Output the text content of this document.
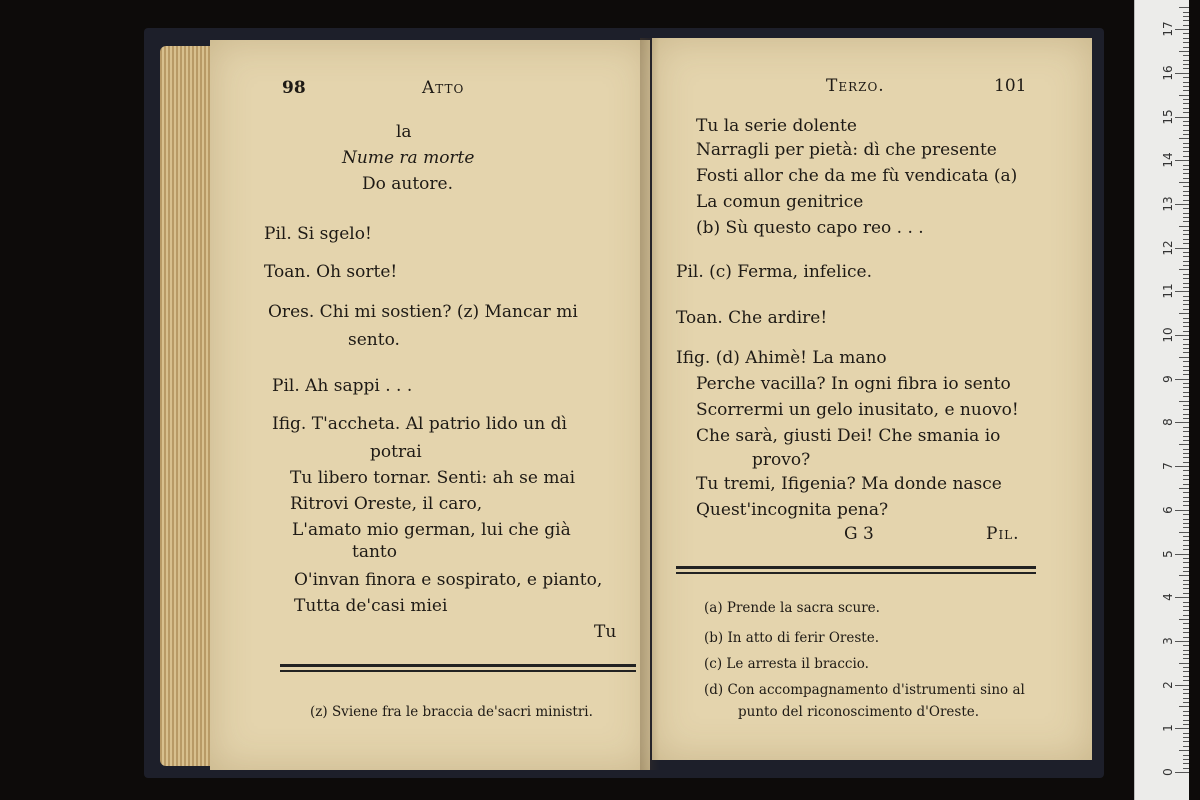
98	Atto
la
Nume ra morte
Do autore.
Pil. Si sgelo!
Toan. Oh sorte!
Ores. Chi mi sostien? (z) Mancar mi
sento.
Pil. Ah sappi . . .
Ifig. T'accheta. Al patrio lido un dì
potrai
Tu libero tornar. Senti: ah se mai
Ritrovi Oreste, il caro,
L'amato mio german, lui che già
tanto
O'invan finora e sospirato, e pianto,
Tutta de'casi miei
Tu
(z) Sviene fra le braccia de'sacri ministri.
Terzo.	101
Tu la serie dolente
Narragli per pietà: dì che presente
Fosti allor che da me fù vendicata (a)
La comun genitrice
(b) Sù questo capo reo . . .
Pil. (c) Ferma, infelice.
Toan. Che ardire!
Ifig. (d) Ahimè! La mano
Perche vacilla? In ogni fibra io sento
Scorrermi un gelo inusitato, e nuovo!
Che sarà, giusti Dei! Che smania io
provo?
Tu tremi, Ifigenia? Ma donde nasce
Quest'incognita pena?
G 3	Pil.
(a) Prende la sacra scure.
(b) In atto di ferir Oreste.
(c) Le arresta il braccio.
(d) Con accompagnamento d'istrumenti sino al
punto del riconoscimento d'Oreste.
0
1
2
3
4
5
6
7
8
9
10
11
12
13
14
15
16
17
